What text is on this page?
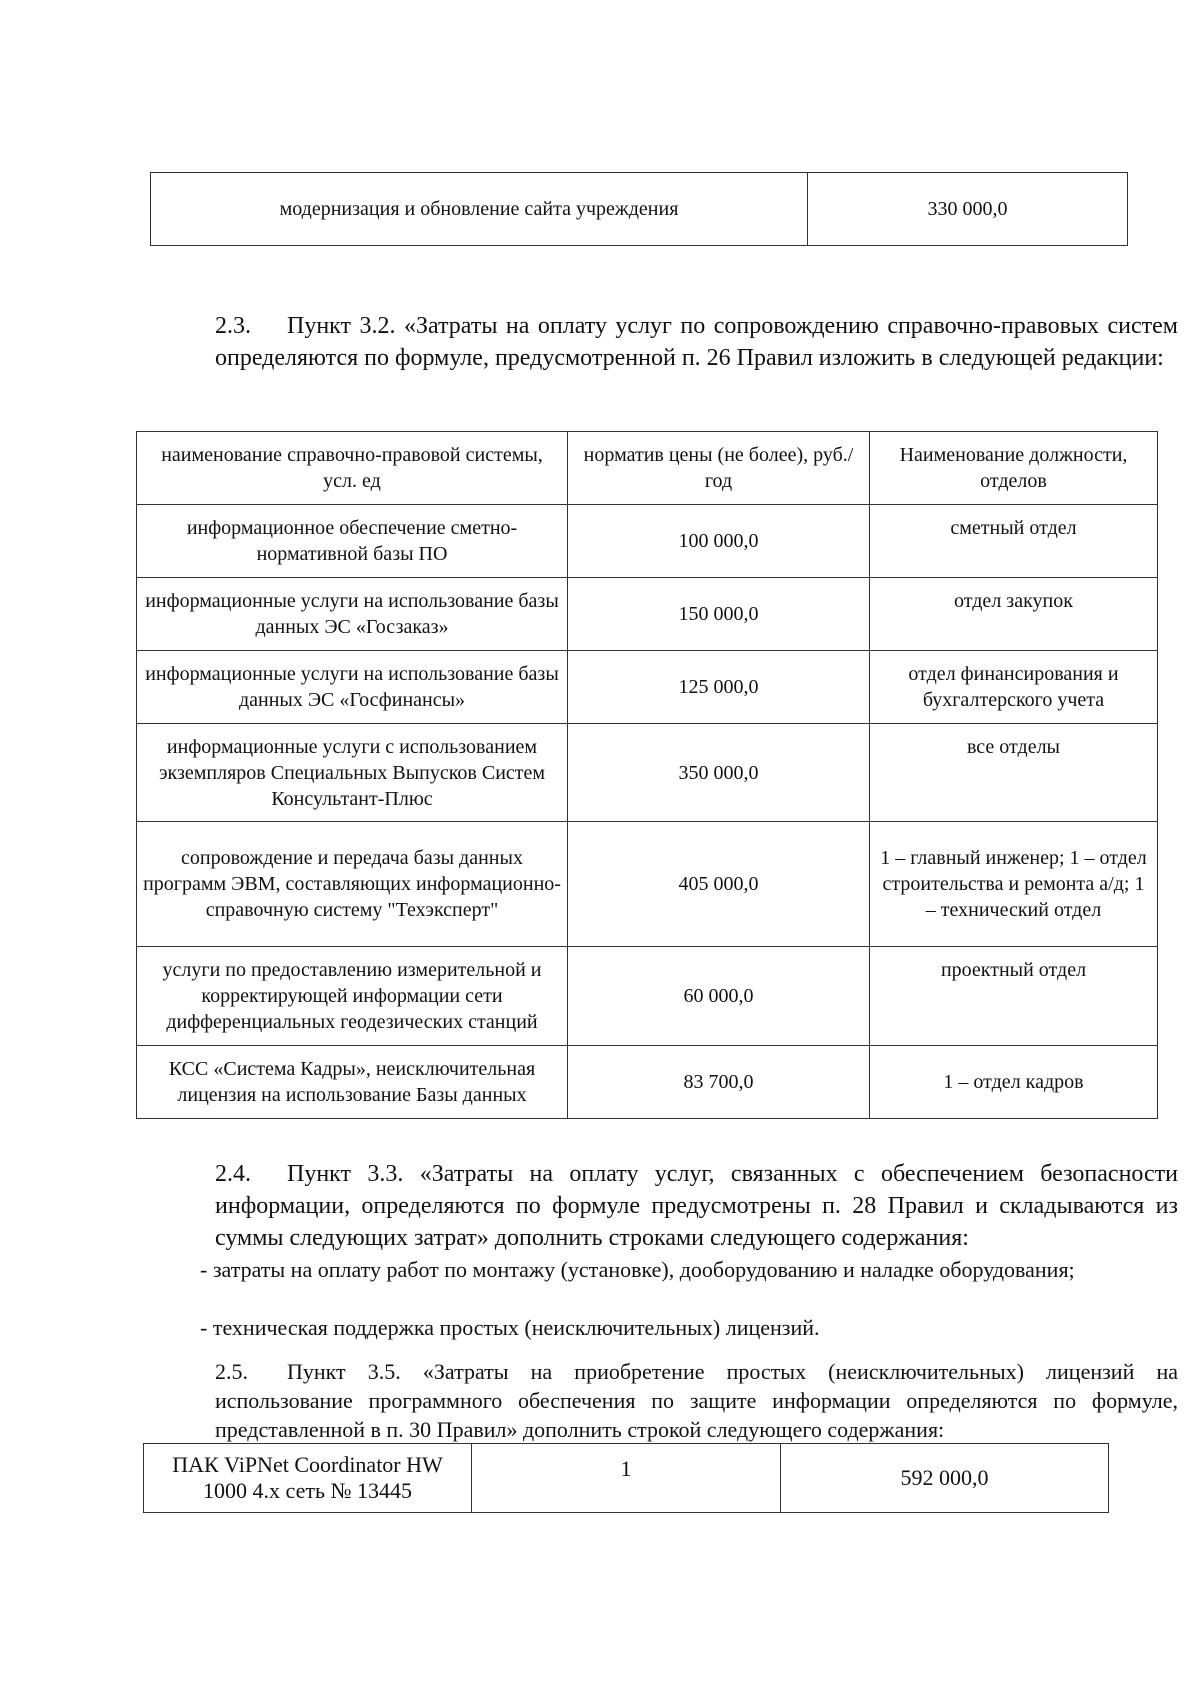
модернизация и обновление сайта учреждения	330 000,0

2.3. Пункт 3.2. «Затраты на оплату услуг по сопровождению справочно-правовых систем определяются по формуле, предусмотренной п. 26 Правил изложить в следующей редакции:

наименование справочно-правовой системы, усл. ед	норматив цены (не более), руб./год	Наименование должности, отделов
информационное обеспечение сметно-нормативной базы ПО	100 000,0	сметный отдел
информационные услуги на использование базы данных ЭС «Госзаказ»	150 000,0	отдел закупок
информационные услуги на использование базы данных ЭС «Госфинансы»	125 000,0	отдел финансирования и бухгалтерского учета
информационные услуги с использованием экземпляров Специальных Выпусков Систем Консультант-Плюс	350 000,0	все отделы
сопровождение и передача базы данных программ ЭВМ, составляющих информационно- справочную систему "Техэксперт"	405 000,0	1 – главный инженер; 1 – отдел строительства и ремонта а/д; 1 – технический отдел
услуги по предоставлению измерительной и корректирующей информации сети дифференциальных геодезических станций	60 000,0	проектный отдел
КСС «Система Кадры», неисключительная лицензия на использование Базы данных	83 700,0	1 – отдел кадров

2.4. Пункт 3.3. «Затраты на оплату услуг, связанных с обеспечением безопасности информации, определяются по формуле предусмотрены п. 28 Правил и складываются из суммы следующих затрат» дополнить строками следующего содержания:

- затраты на оплату работ по монтажу (установке), дооборудованию и наладке оборудования;

- техническая поддержка простых (неисключительных) лицензий.

2.5. Пункт 3.5. «Затраты на приобретение простых (неисключительных) лицензий на использование программного обеспечения по защите информации определяются по формуле, представленной в п. 30 Правил» дополнить строкой следующего содержания:

ПАК ViPNet Coordinator HW 1000 4.x сеть № 13445	1	592 000,0
